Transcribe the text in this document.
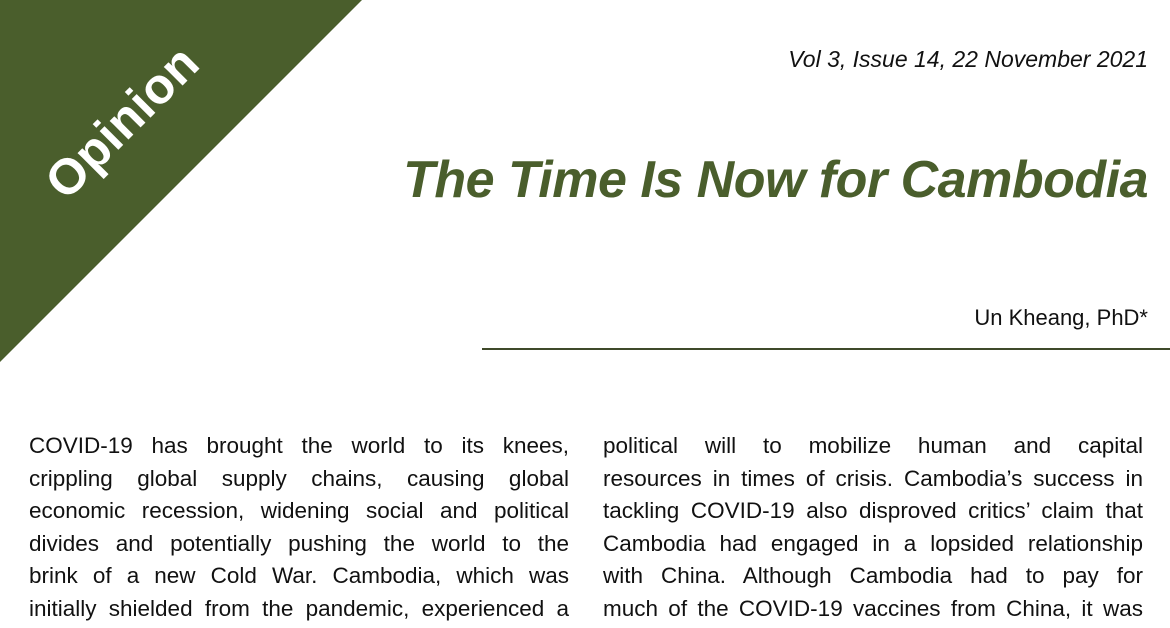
Opinion	Vol 3, Issue 14, 22 November 2021
The Time Is Now for Cambodia
Un Kheang, PhD*
COVID-19 has brought the world to its knees,
crippling global supply chains, causing global
economic recession, widening social and political
divides and potentially pushing the world to the
brink of a new Cold War. Cambodia, which was
initially shielded from the pandemic, experienced a
political will to mobilize human and capital
resources in times of crisis. Cambodia’s success in
tackling COVID-19 also disproved critics’ claim that
Cambodia had engaged in a lopsided relationship
with China. Although Cambodia had to pay for
much of the COVID-19 vaccines from China, it was
